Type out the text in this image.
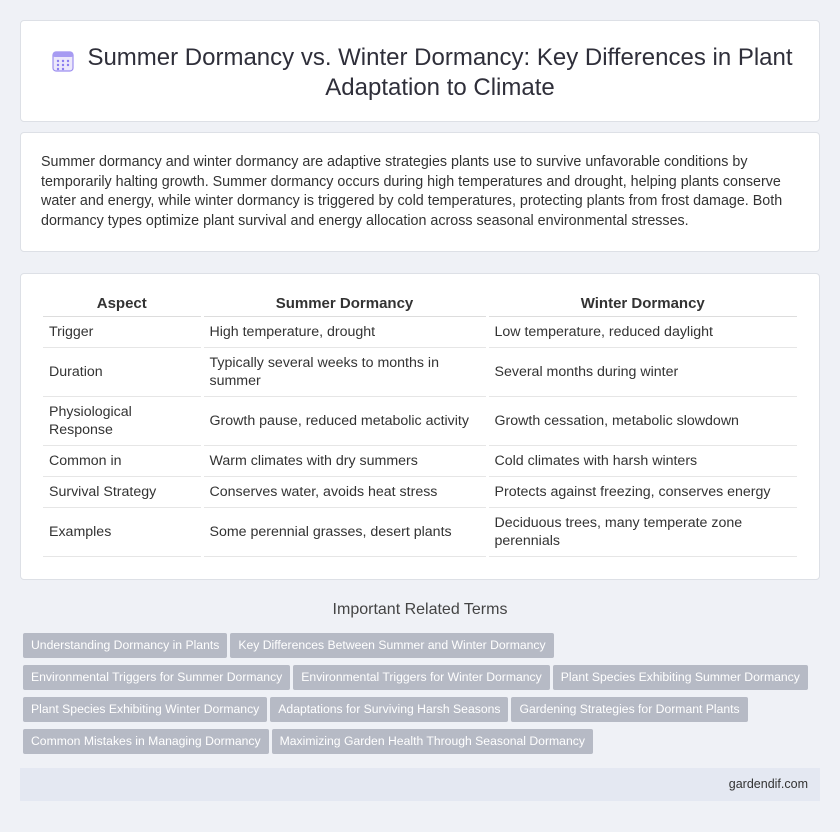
Summer Dormancy vs. Winter Dormancy: Key Differences in Plant Adaptation to Climate

Summer dormancy and winter dormancy are adaptive strategies plants use to survive unfavorable conditions by temporarily halting growth. Summer dormancy occurs during high temperatures and drought, helping plants conserve water and energy, while winter dormancy is triggered by cold temperatures, protecting plants from frost damage. Both dormancy types optimize plant survival and energy allocation across seasonal environmental stresses.

Aspect	Summer Dormancy	Winter Dormancy
Trigger	High temperature, drought	Low temperature, reduced daylight
Duration	Typically several weeks to months in summer	Several months during winter
Physiological Response	Growth pause, reduced metabolic activity	Growth cessation, metabolic slowdown
Common in	Warm climates with dry summers	Cold climates with harsh winters
Survival Strategy	Conserves water, avoids heat stress	Protects against freezing, conserves energy
Examples	Some perennial grasses, desert plants	Deciduous trees, many temperate zone perennials
Important Related Terms
Understanding Dormancy in Plants Key Differences Between Summer and Winter DormancyEnvironmental Triggers for Summer Dormancy Environmental Triggers for Winter Dormancy Plant Species Exhibiting Summer DormancyPlant Species Exhibiting Winter Dormancy Adaptations for Surviving Harsh Seasons Gardening Strategies for Dormant PlantsCommon Mistakes in Managing Dormancy Maximizing Garden Health Through Seasonal Dormancy
gardendif.com
